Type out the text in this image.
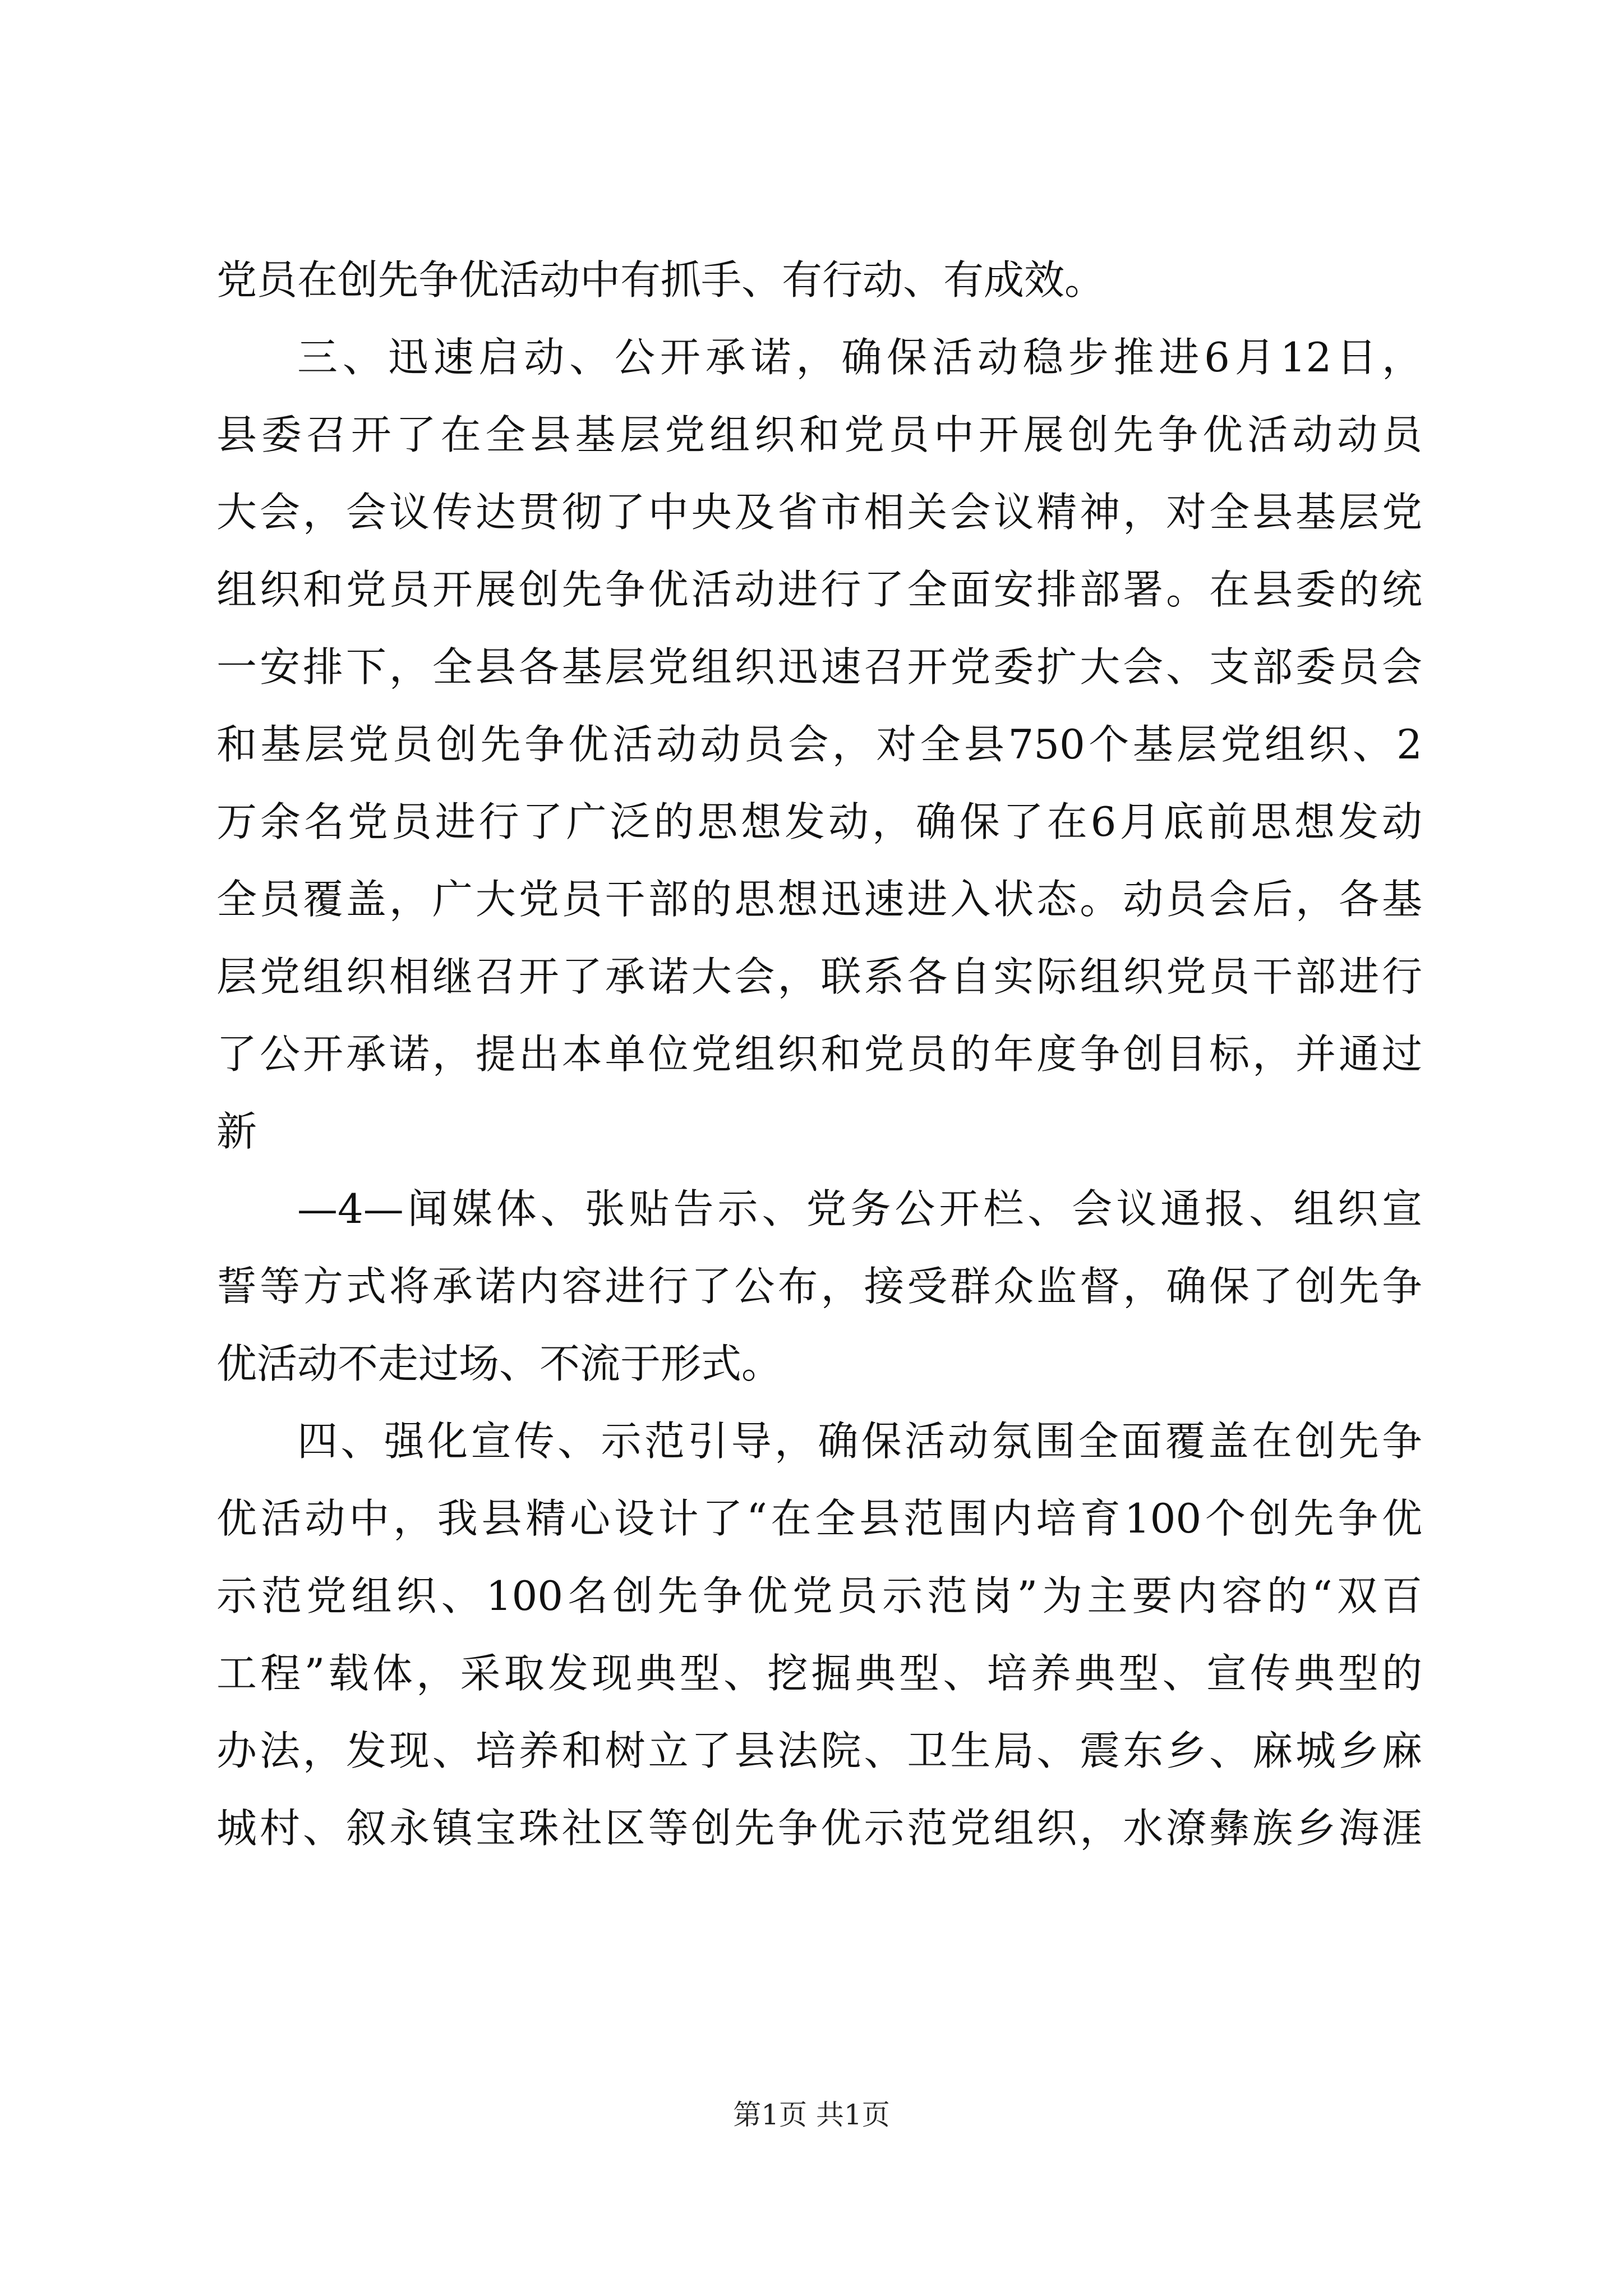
党员在创先争优活动中有抓手、有行动、有成效。
三、迅速启动、公开承诺，确保活动稳步推进6月12日，
县委召开了在全县基层党组织和党员中开展创先争优活动动员
大会，会议传达贯彻了中央及省市相关会议精神，对全县基层党
组织和党员开展创先争优活动进行了全面安排部署。在县委的统
一安排下，全县各基层党组织迅速召开党委扩大会、支部委员会
和基层党员创先争优活动动员会，对全县750个基层党组织、2
万余名党员进行了广泛的思想发动，确保了在6月底前思想发动
全员覆盖，广大党员干部的思想迅速进入状态。动员会后，各基
层党组织相继召开了承诺大会，联系各自实际组织党员干部进行
了公开承诺，提出本单位党组织和党员的年度争创目标，并通过
新
—4—闻媒体、张贴告示、党务公开栏、会议通报、组织宣
誓等方式将承诺内容进行了公布，接受群众监督，确保了创先争
优活动不走过场、不流于形式。
四、强化宣传、示范引导，确保活动氛围全面覆盖在创先争
优活动中，我县精心设计了“在全县范围内培育100个创先争优
示范党组织、100名创先争优党员示范岗”为主要内容的“双百
工程”载体，采取发现典型、挖掘典型、培养典型、宣传典型的
办法，发现、培养和树立了县法院、卫生局、震东乡、麻城乡麻
城村、叙永镇宝珠社区等创先争优示范党组织，水潦彝族乡海涯
第1页 共1页
